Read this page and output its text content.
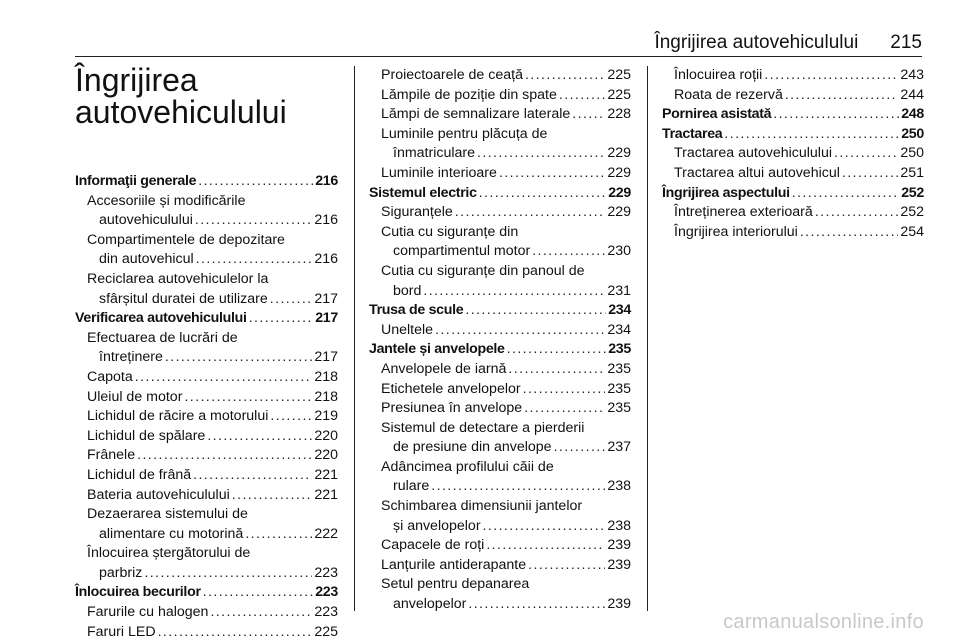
Îngrijirea autovehiculului 215
Îngrijirea
autovehiculului
Informaţii generale .....	216
Accesoriile și modificările
autovehiculului .....	216
Compartimentele de depozitare
din autovehicul .....	216
Reciclarea autovehiculelor la
sfârșitul duratei de utilizare .....	217
Verificarea autovehiculului .....	217
Efectuarea de lucrări de
întreținere .....	217
Capota .....	218
Uleiul de motor .....	218
Lichidul de răcire a motorului .....	219
Lichidul de spălare .....	220
Frânele .....	220
Lichidul de frână .....	221
Bateria autovehiculului .....	221
Dezaerarea sistemului de
alimentare cu motorină .....	222
Înlocuirea ștergătorului de
parbriz .....	223
Înlocuirea becurilor .....	223
Farurile cu halogen .....	223
Faruri LED .....	225
Proiectoarele de ceață .....	225
Lămpile de poziție din spate .....	225
Lămpi de semnalizare laterale .....	228
Luminile pentru plăcuța de
înmatriculare .....	229
Luminile interioare .....	229
Sistemul electric .....	229
Siguranțele .....	229
Cutia cu siguranțe din
compartimentul motor .....	230
Cutia cu siguranțe din panoul de
bord .....	231
Trusa de scule .....	234
Uneltele .....	234
Jantele și anvelopele .....	235
Anvelopele de iarnă .....	235
Etichetele anvelopelor .....	235
Presiunea în anvelope .....	235
Sistemul de detectare a pierderii
de presiune din anvelope .....	237
Adâncimea profilului căii de
rulare .....	238
Schimbarea dimensiunii jantelor
și anvelopelor .....	238
Capacele de roți .....	239
Lanțurile antiderapante .....	239
Setul pentru depanarea
anvelopelor .....	239
Înlocuirea roții .....	243
Roata de rezervă .....	244
Pornirea asistată .....	248
Tractarea .....	250
Tractarea autovehiculului .....	250
Tractarea altui autovehicul .....	251
Îngrijirea aspectului .....	252
Întreținerea exterioară .....	252
Îngrijirea interiorului .....	254
carmanualsonline.info
